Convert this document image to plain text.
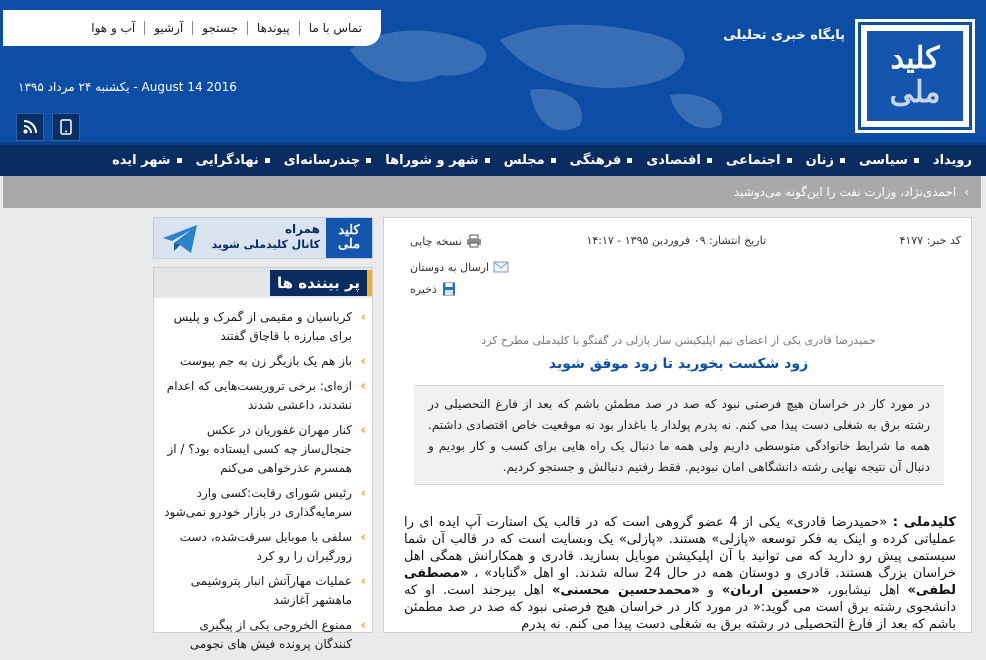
تماس با ما
پیوندها
جستجو
آرشیو
آب و هوا
کلید
ملی
پایگاه خبری تحلیلی
یکشنبه ۲۴ مرداد ۱۳۹۵ - August 14 2016
رویداد
سیاسی
زنان
اجتماعی
اقتصادی
فرهنگی
مجلس
شهر و شوراها
چندرسانه‌ای
نهادگرایی
شهر ایده
›
احمدی‌نژاد، وزارت نفت را این‌گونه می‌دوشید
همراه
کانال کلیدملی شوید
کلید ملی
پر بیننده ها
›
کرباسیان و مقیمی از گمرک و پلیس برای مبارزه با قاچاق گفتند
›
باز هم یک بازیگر زن به جم پیوست
›
ازه‌ای: برخی تروریست‌هایی که اعدام نشدند، داعشی شدند
›
کنار مهران غفوریان در عکس جنجال‌ساز چه کسی ایستاده بود؟ / از همسرم عذرخواهی می‌کنم
›
رئیس شورای رقابت:کسی وارد سرمایه‌گذاری در بازار خودرو نمی‌شود
›
سلفی با موبایل سرقت‌شده، دست زورگیران را رو کرد
›
عملیات مهارآتش انبار پتروشیمی ماهشهر آغازشد
›
ممنوع الخروجی یکی از پیگیری کنندگان پرونده فیش های نجومی
کد خبر: ۴۱۷۷
تاریخ انتشار: ۰۹ فروردین ۱۳۹۵ - ۱۴:۱۷
نسخه چاپی
ارسال به دوستان
ذخیره
حمیدرضا قادری یکی از اعضای تیم اپلیکیشن ساز پازلی در گفتگو با کلیدملی مطرح کرد
زود شکست بخورید تا زود موفق شوید
در مورد کار در خراسان هیچ فرصتی نبود که صد در صد مطمئن باشم که بعد از فارغ التحصیلی در رشته برق به شغلی دست پیدا می کنم. نه پدرم پولدار یا باغدار بود نه موقعیت خاص اقتصادی داشتم. همه ما شرایط خانوادگی متوسطی داریم ولی همه ما دنبال یک راه هایی برای کسب و کار بودیم و دنبال آن نتیجه نهایی رشته دانشگاهی امان نبودیم. فقط رفتیم دنبالش و جستجو کردیم.
کلیدملی : «حمیدرضا قادری» یکی از 4 عضو گروهی است که در قالب یک استارت آپ ایده ای را عملیاتی کرده و اینک به فکر توسعه «پازلی» هستند. «پازلی» یک وبسایت است که در قالب آن شما سیستمی پیش رو دارید که می توانید با آن اپلیکیشن موبایل بسازید. قادری و همکارانش همگی اهل خراسان بزرگ هستند. قادری و دوستان همه در حال 24 ساله شدند. او اهل «گناباد» ، «مصطفی لطفی» اهل نیشابور، «حسین اربان» و «محمدحسین محسنی» اهل بیرجند است. او که دانشجوی رشته برق است می گوید:« در مورد کار در خراسان هیچ فرصتی نبود که صد در صد مطمئن باشم که بعد از فارغ التحصیلی در رشته برق به شغلی دست پیدا می کنم. نه پدرم
